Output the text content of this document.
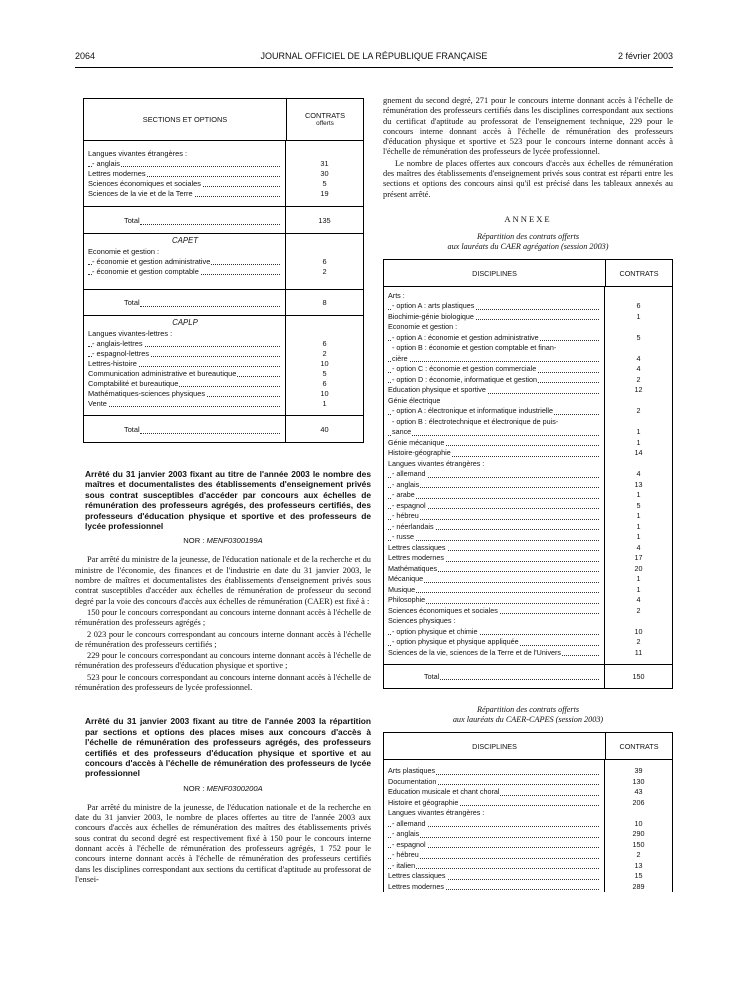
2064	JOURNAL OFFICIEL DE LA RÉPUBLIQUE FRANÇAISE	2 février 2003
SECTIONS ET OPTIONS	CONTRATS
offerts
Langues vivantes étrangères :
- anglais	31
Lettres modernes	30
Sciences économiques et sociales	5
Sciences de la vie et de la Terre	19
Total	135
CAPET
Economie et gestion :
- économie et gestion administrative	6
- économie et gestion comptable	2
Total	8
CAPLP
Langues vivantes-lettres :
- anglais-lettres	6
- espagnol-lettres	2
Lettres-histoire	10
Communication administrative et bureautique	5
Comptabilité et bureautique	6
Mathématiques-sciences physiques	10
Vente	1
Total	40
Arrêté du 31 janvier 2003 fixant au titre de l'année 2003 le nombre des maîtres et documentalistes des établissements d'enseignement privés sous contrat susceptibles d'accéder par concours aux échelles de rémunération des professeurs agrégés, des professeurs certifiés, des professeurs d'éducation physique et sportive et des professeurs de lycée professionnel
NOR : MENF0300199A

Par arrêté du ministre de la jeunesse, de l'éducation nationale et de la recherche et du ministre de l'économie, des finances et de l'industrie en date du 31 janvier 2003, le nombre de maîtres et documentalistes des établissements d'enseignement privés sous contrat susceptibles d'accéder aux échelles de rémunération de professeur du second degré par la voie des concours d'accès aux échelles de rémunération (CAER) est fixé à :

150 pour le concours correspondant au concours interne donnant accès à l'échelle de rémunération des professeurs agrégés ;

2 023 pour le concours correspondant au concours interne donnant accès à l'échelle de rémunération des professeurs certifiés ;

229 pour le concours correspondant au concours interne donnant accès à l'échelle de rémunération des professeurs d'éducation physique et sportive ;

523 pour le concours correspondant au concours interne donnant accès à l'échelle de rémunération des professeurs de lycée professionnel.

Arrêté du 31 janvier 2003 fixant au titre de l'année 2003 la répartition par sections et options des places mises aux concours d'accès à l'échelle de rémunération des professeurs agrégés, des professeurs certifiés et des professeurs d'éducation physique et sportive et au concours d'accès à l'échelle de rémunération des professeurs de lycée professionnel
NOR : MENF0300200A

Par arrêté du ministre de la jeunesse, de l'éducation nationale et de la recherche en date du 31 janvier 2003, le nombre de places offertes au titre de l'année 2003 aux concours d'accès aux échelles de rémunération des maîtres des établissements privés sous contrat du second degré est respectivement fixé à 150 pour le concours interne donnant accès à l'échelle de rémunération des professeurs agrégés, 1 752 pour le concours interne donnant accès à l'échelle de rémunération des professeurs certifiés dans les disciplines correspondant aux sections du certificat d'aptitude au professorat de l'ensei-

gnement du second degré, 271 pour le concours interne donnant accès à l'échelle de rémunération des professeurs certifiés dans les disciplines correspondant aux sections du certificat d'aptitude au professorat de l'enseignement technique, 229 pour le concours interne donnant accès à l'échelle de rémunération des professeurs d'éducation physique et sportive et 523 pour le concours interne donnant accès à l'échelle de rémunération des professeurs de lycée professionnel.

Le nombre de places offertes aux concours d'accès aux échelles de rémunération des maîtres des établissements d'enseignement privés sous contrat est réparti entre les sections et options des concours ainsi qu'il est précisé dans les tableaux annexés au présent arrêté.

ANNEXE
Répartition des contrats offerts
aux lauréats du CAER agrégation (session 2003)
DISCIPLINES	CONTRATS
Arts :
- option A : arts plastiques	6
Biochimie-génie biologique	1
Economie et gestion :
- option A : économie et gestion administrative	5
- option B : économie et gestion comptable et finan-
cière	4
- option C : économie et gestion commerciale	4
- option D : économie, informatique et gestion	2
Education physique et sportive	12
Génie électrique
- option A : électronique et informatique industrielle	2
- option B : électrotechnique et électronique de puis-
sance	1
Génie mécanique	1
Histoire-géographie	14
Langues vivantes étrangères :
- allemand	4
- anglais	13
- arabe	1
- espagnol	5
- hébreu	1
- néerlandais	1
- russe	1
Lettres classiques	4
Lettres modernes	17
Mathématiques	20
Mécanique	1
Musique	1
Philosophie	4
Sciences économiques et sociales	2
Sciences physiques :
- option physique et chimie	10
- option physique et physique appliquée	2
Sciences de la vie, sciences de la Terre et de l'Univers	11
Total	150
Répartition des contrats offerts
aux lauréats du CAER-CAPES (session 2003)
DISCIPLINES	CONTRATS
Arts plastiques	39
Documentation	130
Education musicale et chant choral	43
Histoire et géographie	206
Langues vivantes étrangères :
- allemand	10
- anglais	290
- espagnol	150
- hébreu	2
- italien	13
Lettres classiques	15
Lettres modernes	289
